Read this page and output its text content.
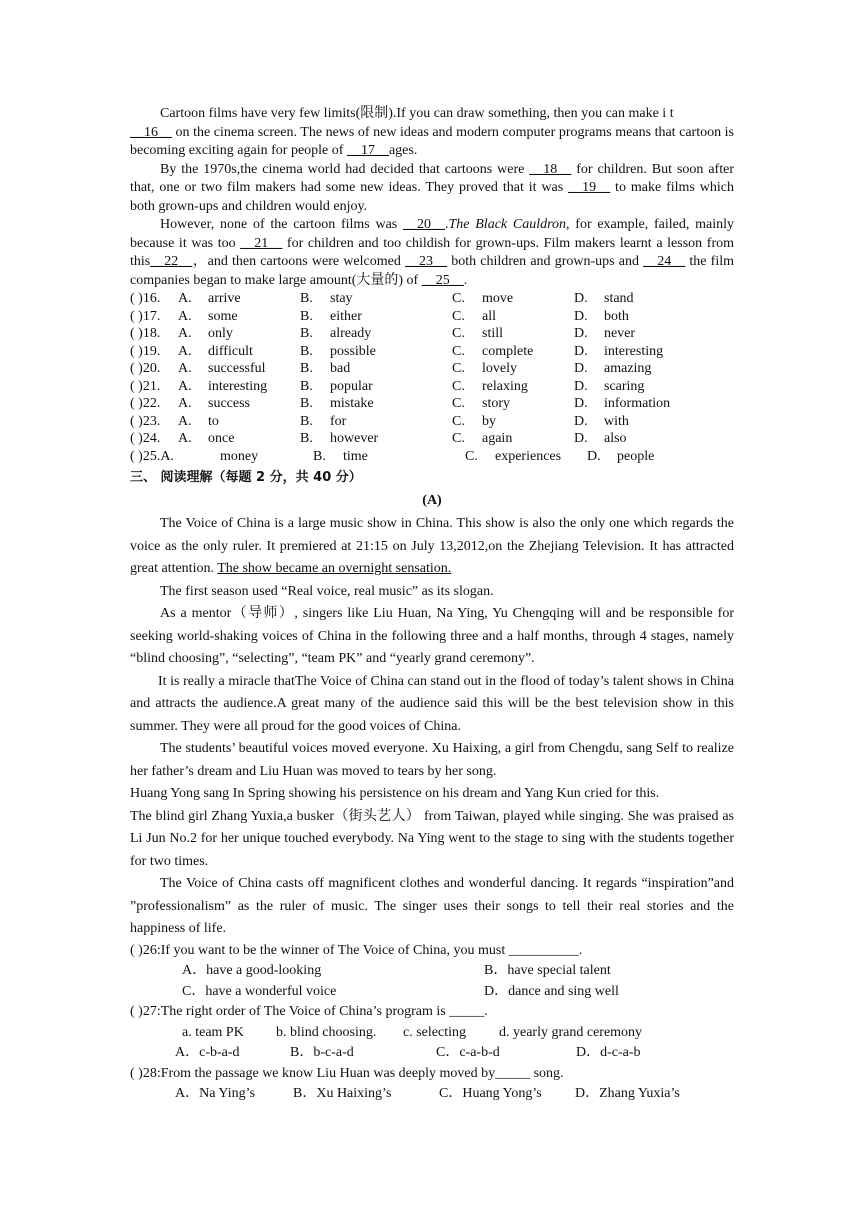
Cartoon films have very few limits(限制).If you can draw something, then you can make i t
__16__ on the cinema screen. The news of new ideas and modern computer programs means that cartoon is becoming exciting again for people of __17__ages.

By the 1970s,the cinema world had decided that cartoons were __18__ for children. But soon after that, one or two film makers had some new ideas. They proved that it was __19__ to make films which both grown-ups and children would enjoy.

However, none of the cartoon films was __20__.The Black Cauldron, for example, failed, mainly because it was too __21__ for children and too childish for grown-ups. Film makers learnt a lesson from this__22__，and then cartoons were welcomed __23__ both children and grown-ups and __24__ the film companies began to make large amount(大量的) of __25__.

( )16.	A.	arrive	B.	stay	C.	move	D.	stand
( )17.	A.	some	B.	either	C.	all	D.	both
( )18.	A.	only	B.	already	C.	still	D.	never
( )19.	A.	difficult	B.	possible	C.	complete	D.	interesting
( )20.	A.	successful	B.	bad	C.	lovely	D.	amazing
( )21.	A.	interesting	B.	popular	C.	relaxing	D.	scaring
( )22.	A.	success	B.	mistake	C.	story	D.	information
( )23.	A.	to	B.	for	C.	by	D.	with
( )24.	A.	once	B.	however	C.	again	D.	also
( )25.A.	money	B.	time	C.	experiences	D.	people
三、 阅读理解（每题 2 分，共 40 分）
(A)

The Voice of China is a large music show in China. This show is also the only one which regards the voice as the only ruler. It premiered at 21:15 on July 13,2012,on the Zhejiang Television. It has attracted great attention. The show became an overnight sensation.

The first season used “Real voice, real music” as its slogan.

As a mentor（导师）, singers like Liu Huan, Na Ying, Yu Chengqing will and be responsible for seeking world-shaking voices of China in the following three and a half months, through 4 stages, namely “blind choosing”, “selecting”, “team PK” and “yearly grand ceremony”.

It is really a miracle thatThe Voice of China can stand out in the flood of today’s talent shows in China and attracts the audience.A great many of the audience said this will be the best television show in this summer. They were all proud for the good voices of China.

The students’ beautiful voices moved everyone. Xu Haixing, a girl from Chengdu, sang Self to realize her father’s dream and Liu Huan was moved to tears by her song.

Huang Yong sang In Spring showing his persistence on his dream and Yang Kun cried for this.

The blind girl Zhang Yuxia,a busker（街头艺人） from Taiwan, played while singing. She was praised as Li Jun No.2 for her unique touched everybody. Na Ying went to the stage to sing with the students together for two times.

The Voice of China casts off magnificent clothes and wonderful dancing. It regards “inspiration”and ”professionalism” as the ruler of music. The singer uses their songs to tell their real stories and the happiness of life.

( )26:If you want to be the winner of The Voice of China, you must __________.
A．have a good-looking	B．have special talent
C．have a wonderful voice	D．dance and sing well
( )27:The right order of The Voice of China’s program is _____.
a. team PK	b. blind choosing.	c. selecting	d. yearly grand ceremony
A．c-b-a-d	B．b-c-a-d	C．c-a-b-d	D．d-c-a-b
( )28:From the passage we know Liu Huan was deeply moved by_____ song.
A．Na Ying’s	B．Xu Haixing’s	C．Huang Yong’s	D．Zhang Yuxia’s
